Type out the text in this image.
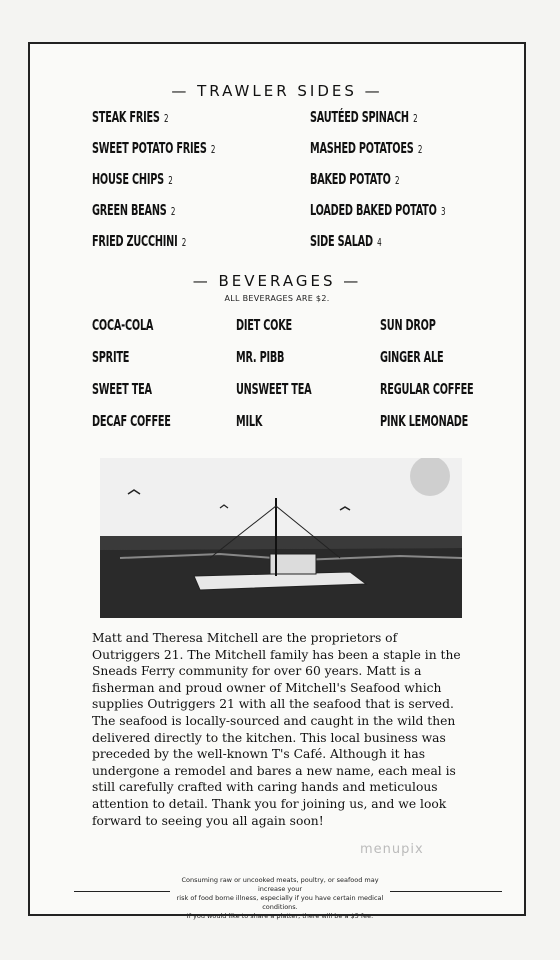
— TRAWLER SIDES —
STEAK FRIES 2
SWEET POTATO FRIES 2
HOUSE CHIPS 2
GREEN BEANS 2
FRIED ZUCCHINI 2
SAUTÉED SPINACH 2
MASHED POTATOES 2
BAKED POTATO 2
LOADED BAKED POTATO 3
SIDE SALAD 4
— BEVERAGES —
ALL BEVERAGES ARE $2.
COCA-COLA
SPRITE
SWEET TEA
DECAF COFFEE
DIET COKE
MR. PIBB
UNSWEET TEA
MILK
SUN DROP
GINGER ALE
REGULAR COFFEE
PINK LEMONADE
Matt and Theresa Mitchell are the proprietors of Outriggers 21. The Mitchell family has been a staple in the Sneads Ferry community for over 60 years. Matt is a fisherman and proud owner of Mitchell's Seafood which supplies Outriggers 21 with all the seafood that is served. The seafood is locally-sourced and caught in the wild then delivered directly to the kitchen. This local business was preceded by the well-known T's Café. Although it has undergone a remodel and bares a new name, each meal is still carefully crafted with caring hands and meticulous attention to detail. Thank you for joining us, and we look forward to seeing you all again soon!
Consuming raw or uncooked meats, poultry, or seafood may increase your
risk of food borne illness, especially if you have certain medical conditions.
If you would like to share a platter, there will be a $5 fee.
menupix
